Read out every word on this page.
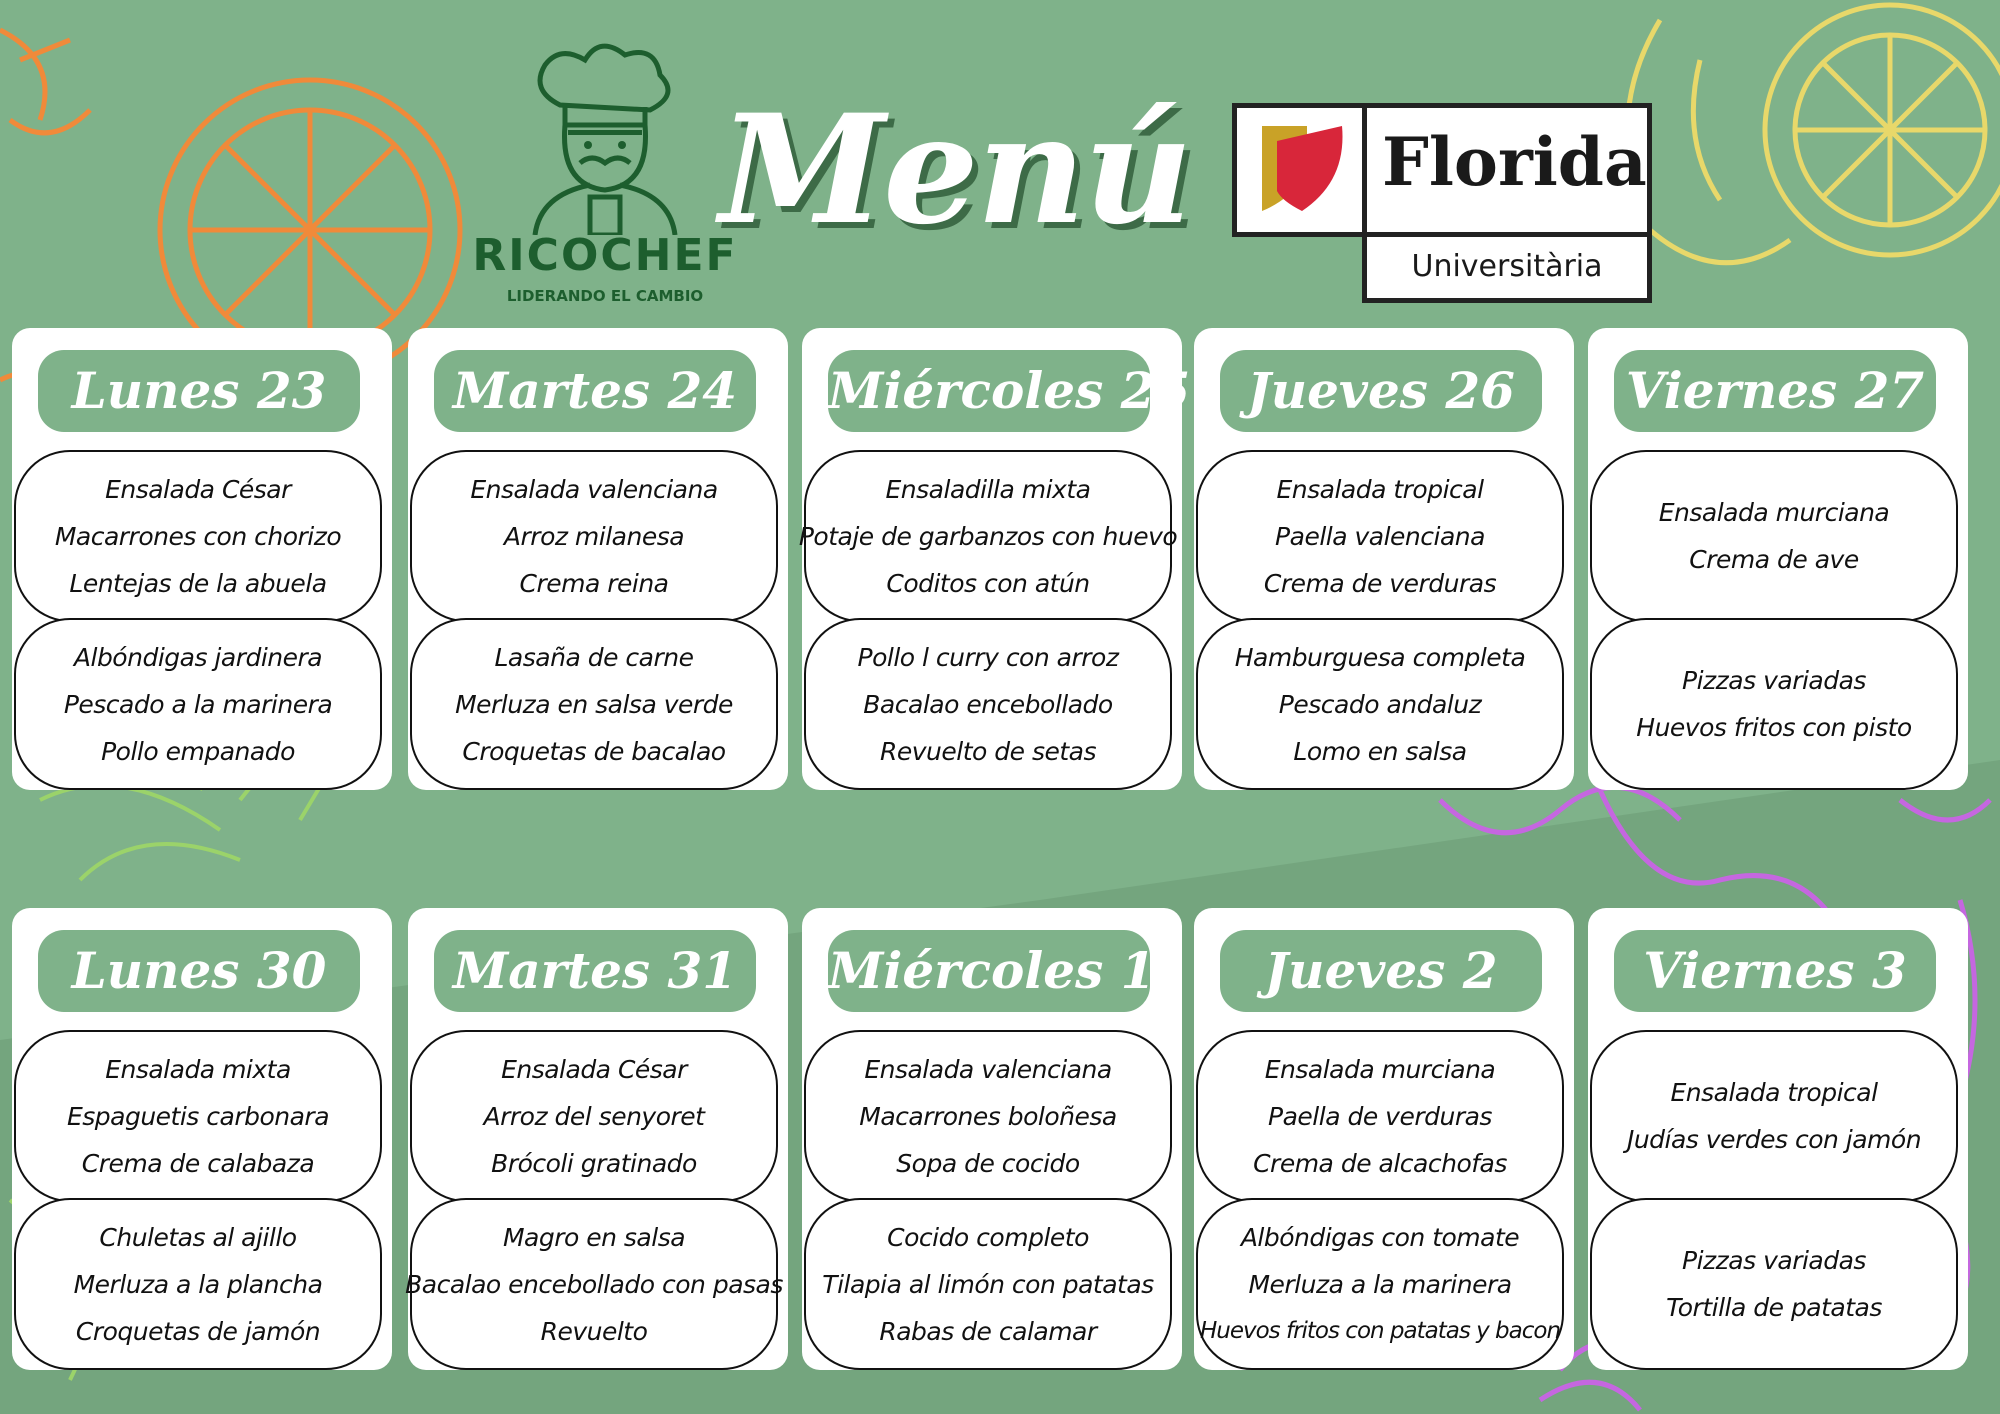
RICOCHEF
LIDERANDO EL CAMBIO
Menú	Florida
Universitària
Lunes 23
Ensalada César
Macarrones con chorizo
Lentejas de la abuela
Albóndigas jardinera
Pescado a la marinera
Pollo empanado
Martes 24
Ensalada valenciana
Arroz milanesa
Crema reina
Lasaña de carne
Merluza en salsa verde
Croquetas de bacalao
Miércoles 25
Ensaladilla mixta
Potaje de garbanzos con huevo
Coditos con atún
Pollo l curry con arroz
Bacalao encebollado
Revuelto de setas
Jueves 26
Ensalada tropical
Paella valenciana
Crema de verduras
Hamburguesa completa
Pescado andaluz
Lomo en salsa
Viernes 27
Ensalada murciana
Crema de ave
Pizzas variadas
Huevos fritos con pisto
Lunes 30
Ensalada mixta
Espaguetis carbonara
Crema de calabaza
Chuletas al ajillo
Merluza a la plancha
Croquetas de jamón
Martes 31
Ensalada César
Arroz del senyoret
Brócoli gratinado
Magro en salsa
Bacalao encebollado con pasas
Revuelto
Miércoles 1
Ensalada valenciana
Macarrones boloñesa
Sopa de cocido
Cocido completo
Tilapia al limón con patatas
Rabas de calamar
Jueves 2
Ensalada murciana
Paella de verduras
Crema de alcachofas
Albóndigas con tomate
Merluza a la marinera
Huevos fritos con patatas y bacon
Viernes 3
Ensalada tropical
Judías verdes con jamón
Pizzas variadas
Tortilla de patatas
